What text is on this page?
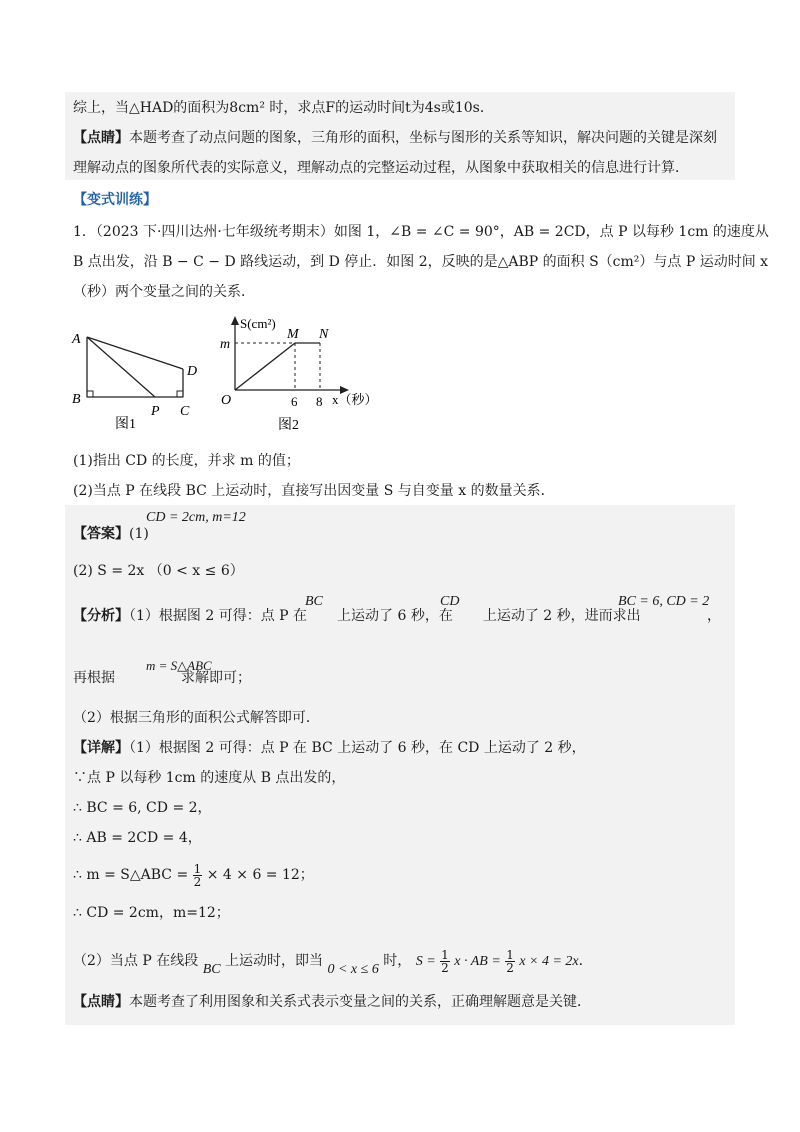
综上，当△HAD的面积为8cm² 时，求点F的运动时间t为4s或10s．
【点睛】本题考查了动点问题的图象，三角形的面积，坐标与图形的关系等知识，解决问题的关键是深刻
理解动点的图象所代表的实际意义，理解动点的完整运动过程，从图象中获取相关的信息进行计算．
【变式训练】
1．（2023 下·四川达州·七年级统考期末）如图 1，∠B = ∠C = 90°，AB = 2CD，点 P 以每秒 1cm 的速度从
B 点出发，沿 B − C − D 路线运动，到 D 停止．如图 2，反映的是△ABP 的面积 S（cm²）与点 P 运动时间 x
（秒）两个变量之间的关系．
A
B
C
D
P
图1
S(cm²)
m
M N
O	6 8 x（秒）
图2
(1)指出 CD 的长度，并求 m 的值；
(2)当点 P 在线段 BC 上运动时，直接写出因变量 S 与自变量 x 的数量关系．
CD = 2cm, m=12
【答案】(1)
(2) S = 2x （0 < x ≤ 6）
BC	CD	BC = 6, CD = 2
【分析】（1）根据图 2 可得：点 P 在 上运动了 6 秒，在 上运动了 2 秒，进而求出	，
m = S△ABC
再根据	求解即可；
（2）根据三角形的面积公式解答即可．
【详解】（1）根据图 2 可得：点 P 在 BC 上运动了 6 秒，在 CD 上运动了 2 秒，
∵点 P 以每秒 1cm 的速度从 B 点出发的，
∴ BC = 6, CD = 2，
∴ AB = 2CD = 4，
∴ m = S△ABC = $\frac{1}{2} \times 4 \times 6 = 12$；
∴ CD = 2cm，m=12；
（2）当点 P 在线段 BC 上运动时，即当 0 < x ≤ 6 时， $S = \frac{1}{2}$ x · AB = $\frac{1}{2}$ x × 4 = 2x．
【点睛】本题考查了利用图象和关系式表示变量之间的关系，正确理解题意是关键．
